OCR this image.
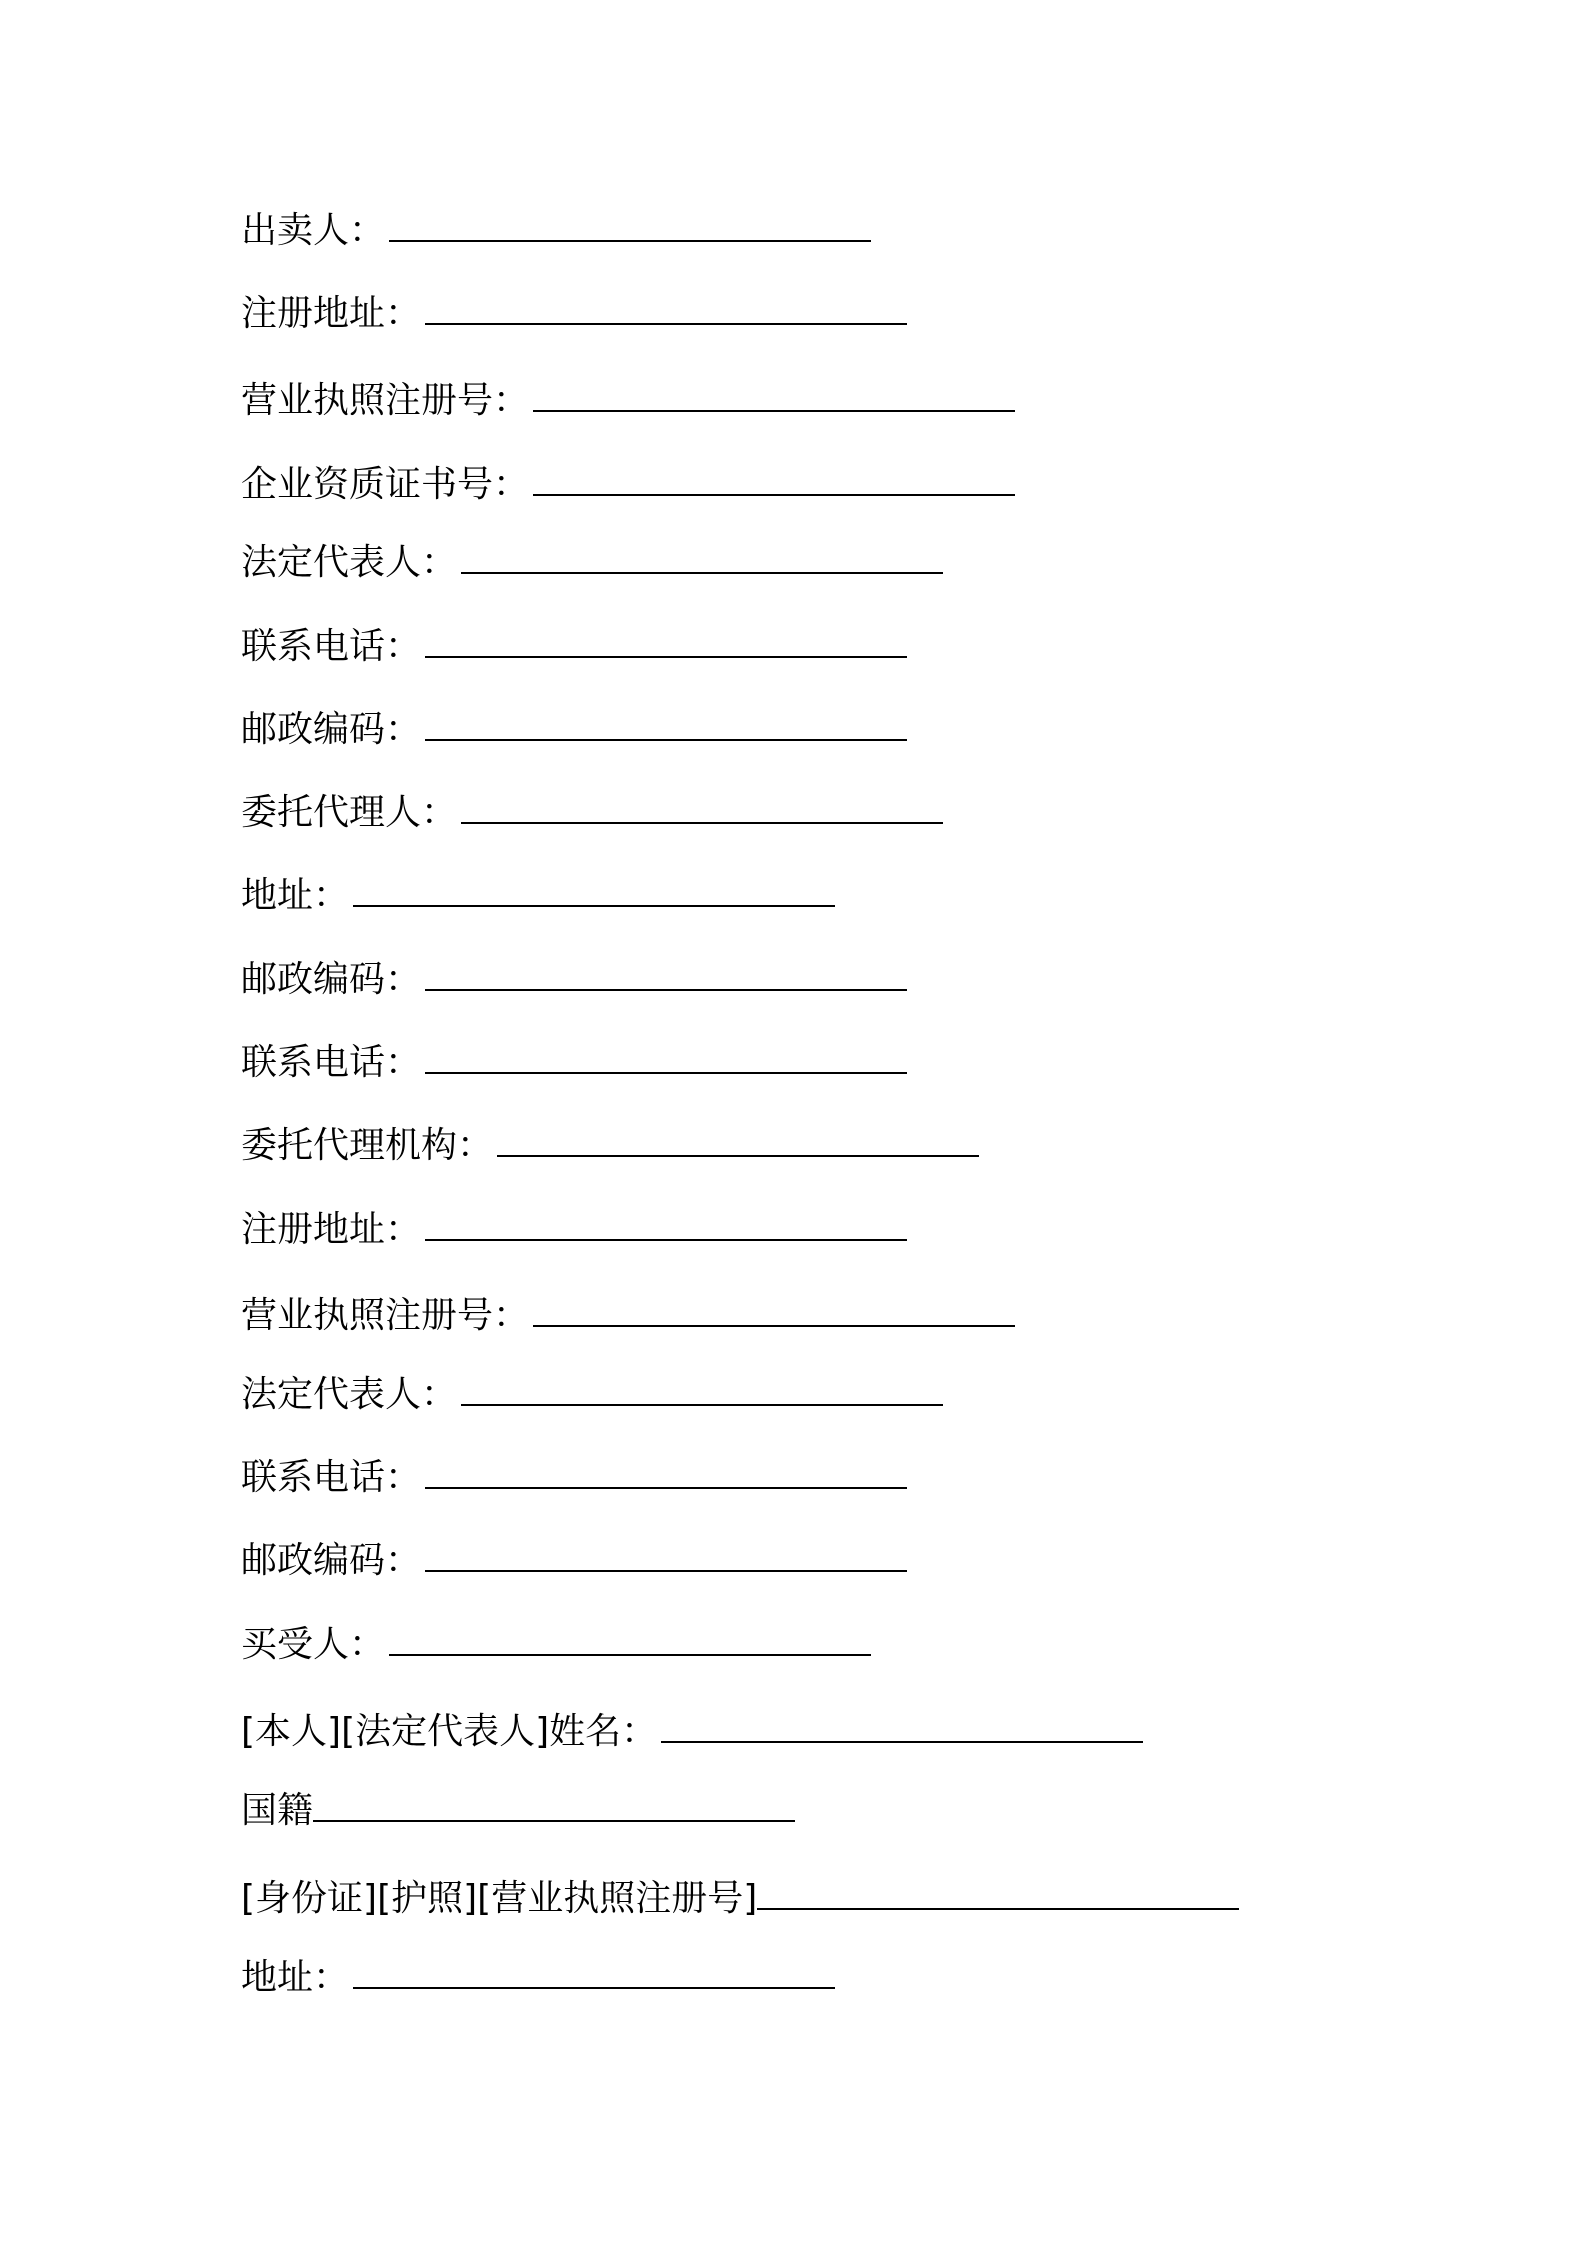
出卖人：
注册地址：
营业执照注册号：
企业资质证书号：
法定代表人：
联系电话：
邮政编码：
委托代理人：
地址：
邮政编码：
联系电话：
委托代理机构：
注册地址：
营业执照注册号：
法定代表人：
联系电话：
邮政编码：
买受人：
[本人][法定代表人]姓名：
国籍
[身份证][护照][营业执照注册号]
地址：
